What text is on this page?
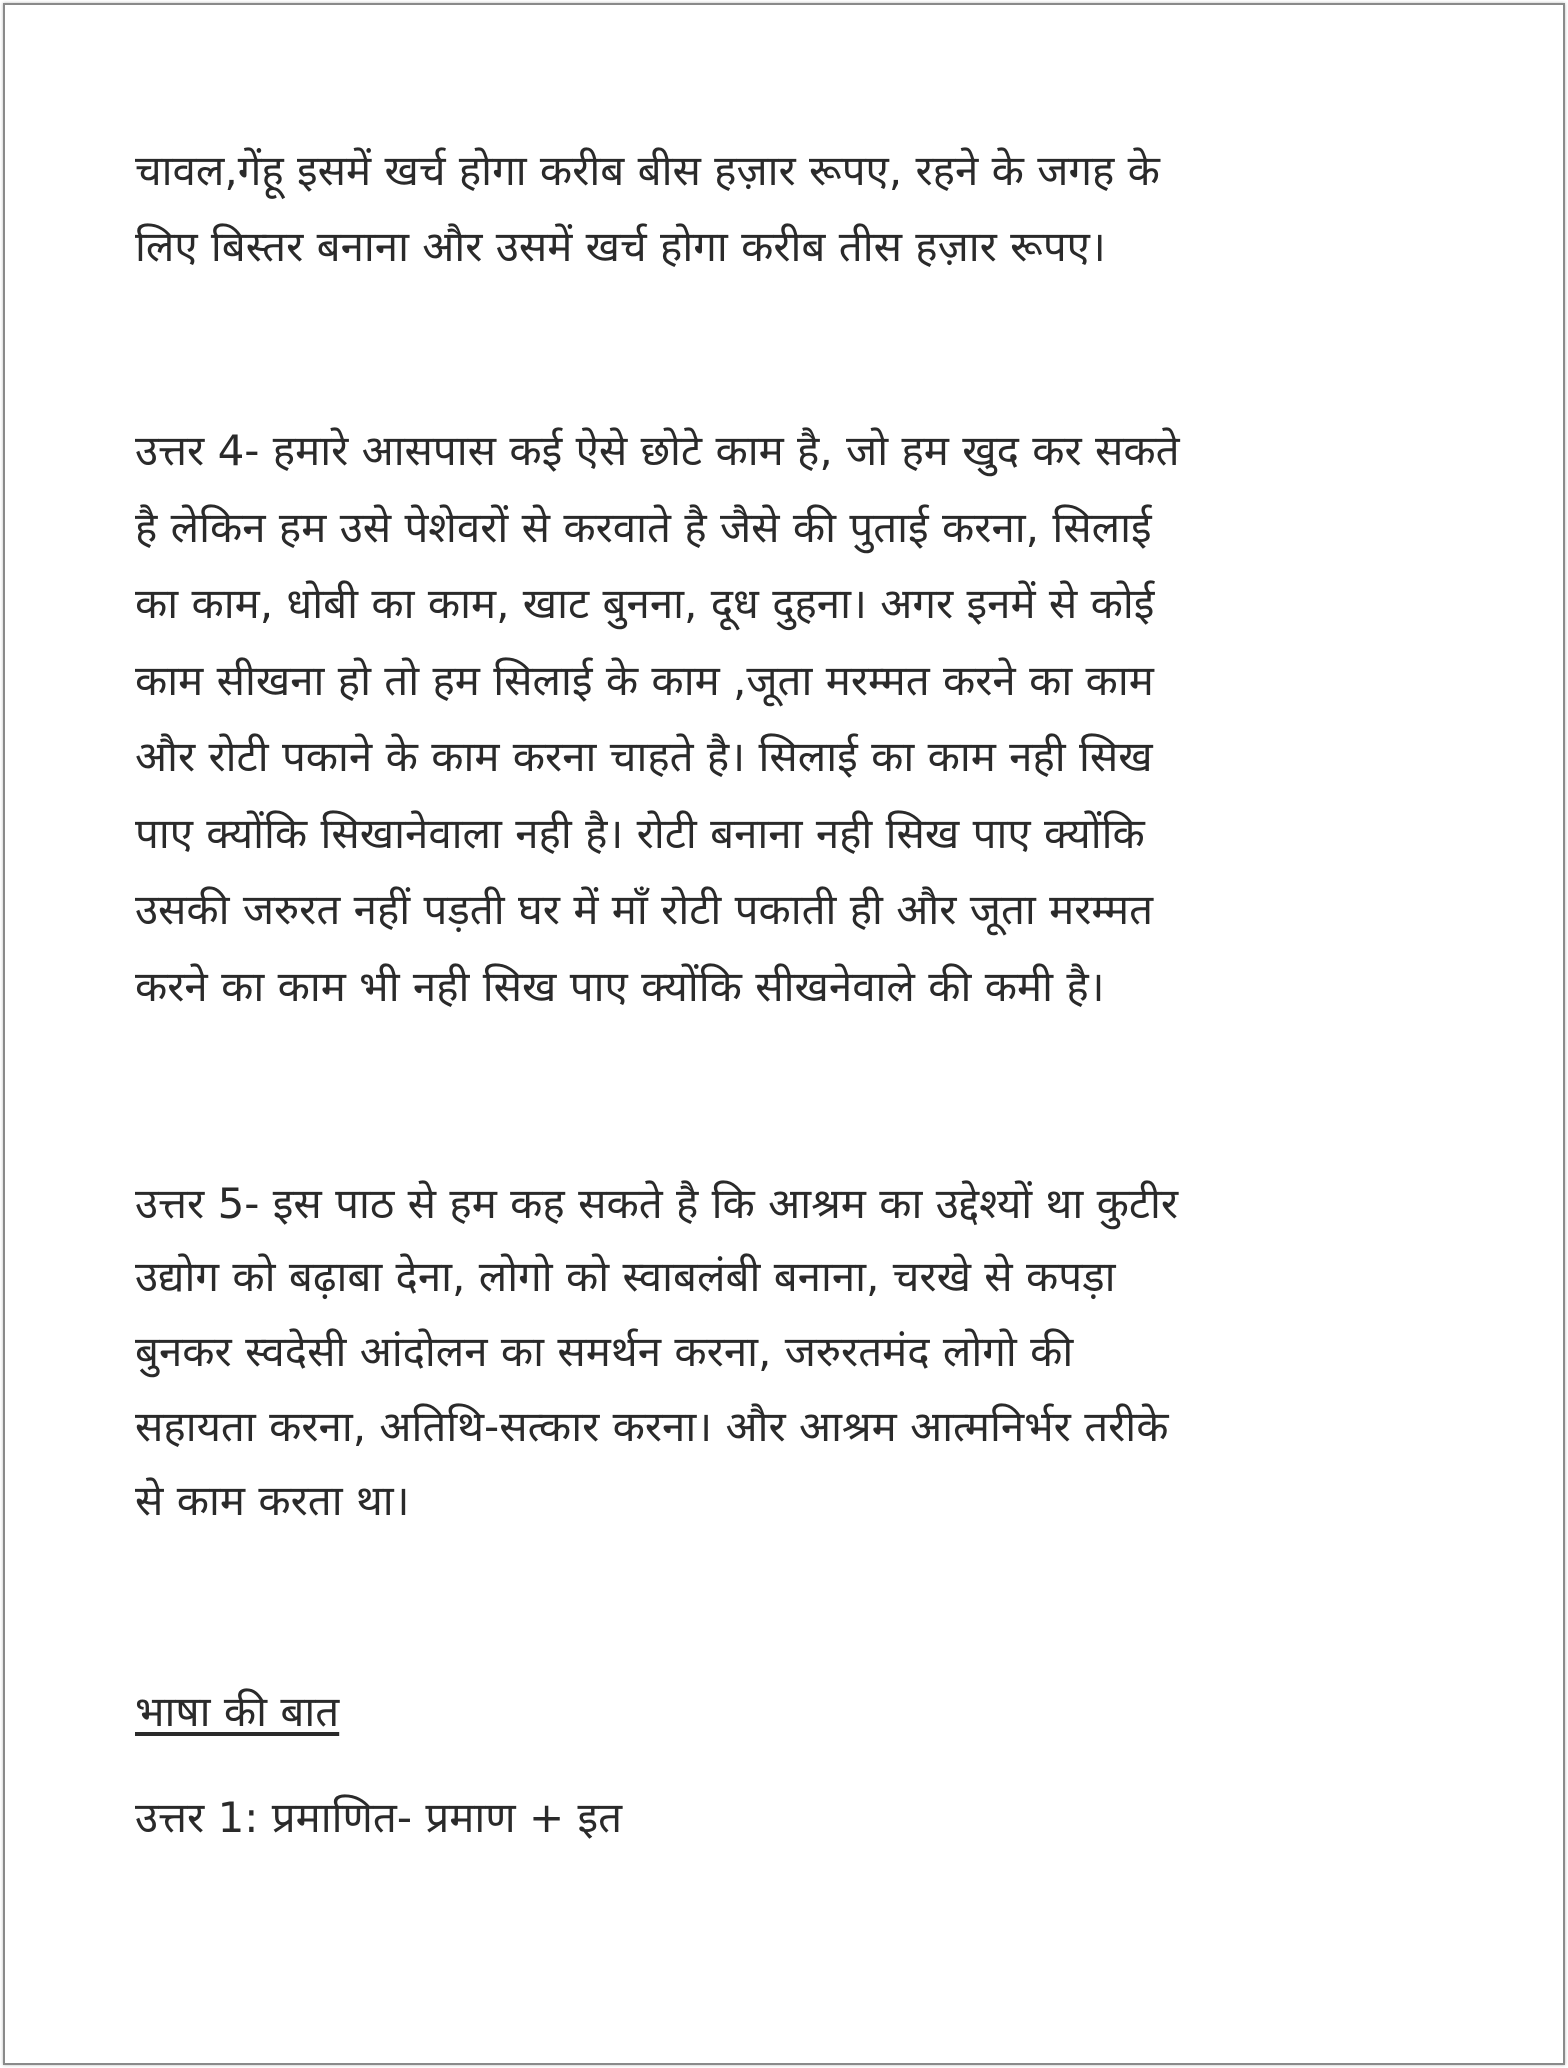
चावल,गेंहू इसमें खर्च होगा करीब बीस हज़ार रूपए, रहने के जगह के
लिए बिस्तर बनाना और उसमें खर्च होगा करीब तीस हज़ार रूपए।
उत्तर 4- हमारे आसपास कई ऐसे छोटे काम है, जो हम खुद कर सकते
है लेकिन हम उसे पेशेवरों से करवाते है जैसे की पुताई करना, सिलाई
का काम, धोबी का काम, खाट बुनना, दूध दुहना। अगर इनमें से कोई
काम सीखना हो तो हम सिलाई के काम ,जूता मरम्मत करने का काम
और रोटी पकाने के काम करना चाहते है। सिलाई का काम नही सिख
पाए क्योंकि सिखानेवाला नही है। रोटी बनाना नही सिख पाए क्योंकि
उसकी जरुरत नहीं पड़ती घर में माँ रोटी पकाती ही और जूता मरम्मत
करने का काम भी नही सिख पाए क्योंकि सीखनेवाले की कमी है।
उत्तर 5- इस पाठ से हम कह सकते है कि आश्रम का उद्देश्यों था कुटीर
उद्योग को बढ़ाबा देना, लोगो को स्वाबलंबी बनाना, चरखे से कपड़ा
बुनकर स्वदेसी आंदोलन का समर्थन करना, जरुरतमंद लोगो की
सहायता करना, अतिथि-सत्कार करना। और आश्रम आत्मनिर्भर तरीके
से काम करता था।
भाषा की बात
उत्तर 1: प्रमाणित- प्रमाण + इत
